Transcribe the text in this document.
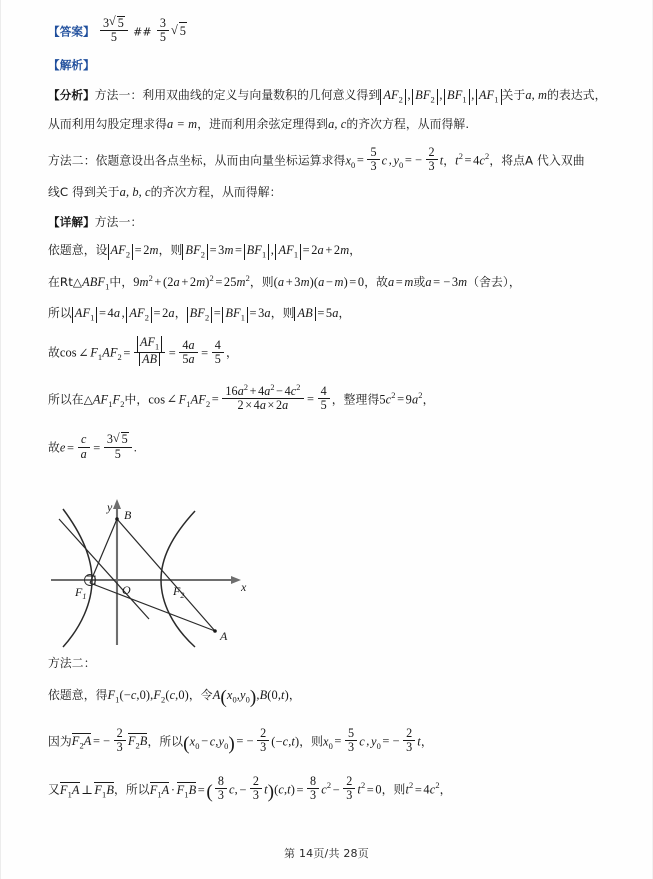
【答案】 $\frac{3 √ 5}{5}$ ## $\frac{3}{5}$ √ 5
【解析】
【分析】方法一：利用双曲线的定义与向量数积的几何意义得到 $AF_2$ , $BF_2$ , $BF_1$ , $AF_1$ 关于a, m的表达式，
从而利用勾股定理求得a = m，进而利用余弦定理得到a, c的齐次方程，从而得解.
方法二：依题意设出各点坐标，从而由向量坐标运算求得$x_0 = \frac{5}{3}$ c , $y_0$ = − $\frac{2}{3}$ t，$t^2 = 4c^2$，将点A 代入双曲
线C 得到关于a, b, c的齐次方程，从而得解：
【详解】方法一：
依题意，设 $AF_2 = 2m$，则 $BF_2 = 3m = BF_1$ , $AF_1 = 2a + 2m$，
在$Rt\triangle ABF_1$中，$9m^2 + (2a + 2m)^2 = 25m^2$，则(a + 3m)(a − m) = 0，故a = m或a = − 3m（舍去），
所以 $AF_1 = 4a$ , $AF_2 = 2a$， $BF_2 = BF_1 = 3a$，则 AB = 5a，
故cos ∠ $F_1AF_2 = \frac{AF_1}{AB} = \frac{4a}{5a} = \frac{4}{5}$ ，
所以在$\triangle AF_1F_2$中，cos ∠ $F_1AF_2 = \frac{16a^2 + 4a^2 - 4c^2}{2 \times 4a \times 2a} = \frac{4}{5}$ ，整理得$5c^2 = 9a^2$，
故$e = \frac{c}{a} = \frac{3 √ 5}{5}$ .
y
x
O
B
A
$F_1$	$F_2$
方法二：
依题意，得$F_1(-c,0),F_2(c,0)$，令$A(x_0,y_0),B(0,t)$，
因为$F_2A$ = − $\frac{2}{3} F_2B$，所以$(x_0 - c,y_0)$ = − $\frac{2}{3} (-c,t)$，则$x_0 = \frac{5}{3}$ c , $y_0$ = − $\frac{2}{3}$ t，
又$F_1A$ ⊥ $F_1B$，所以$F_1A \cdot F_1B$ =( $\frac{8}{3} c$, − $\frac{2}{3} t)(c,t) = \frac{8}{3} c^2 - \frac{2}{3} t^2 = 0$，则$t^2 = 4c^2$，
第 14页/共 28页
